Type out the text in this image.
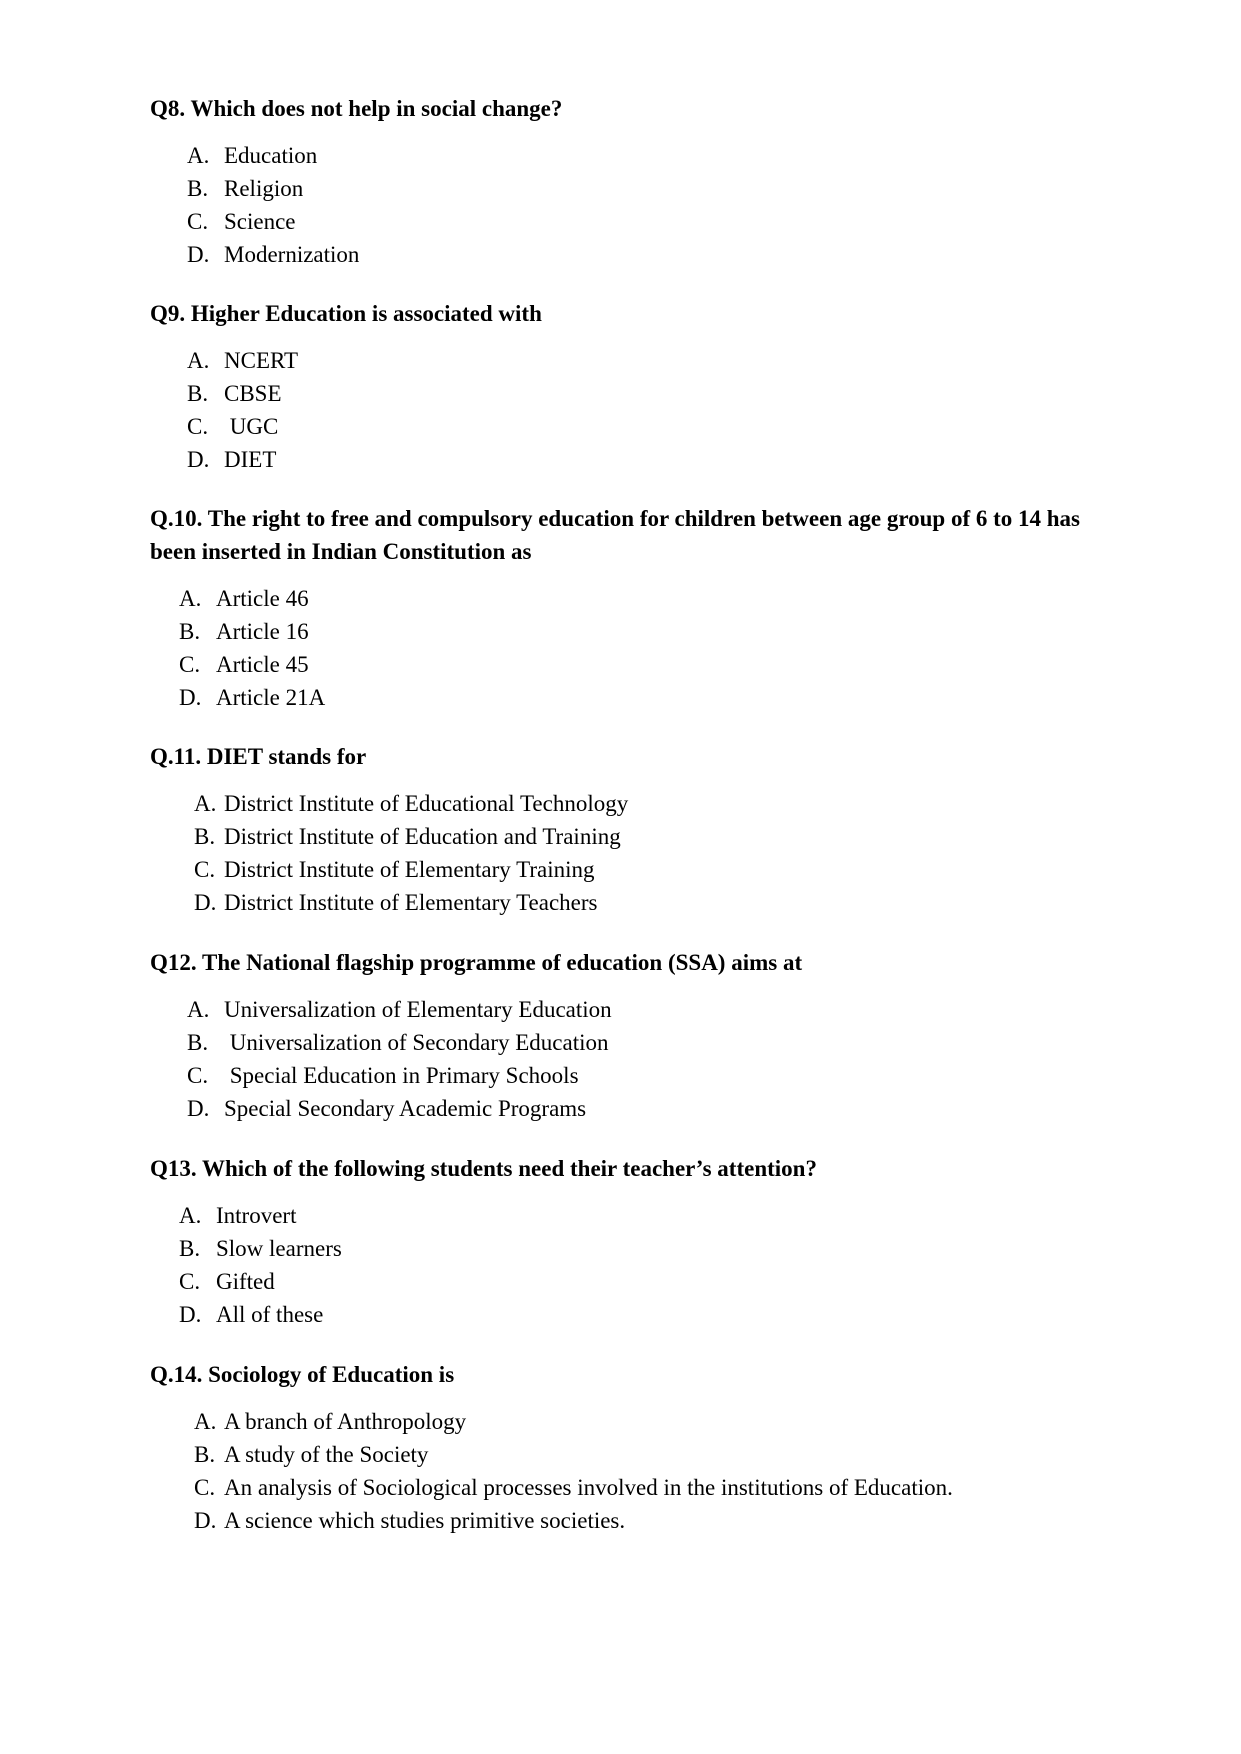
Q8. Which does not help in social change?

A. Education
B. Religion
C. Science
D. Modernization

Q9. Higher Education is associated with

A. NCERT
B. CBSE
C. UGC
D. DIET

Q.10. The right to free and compulsory education for children between age group of 6 to 14 has been inserted in Indian Constitution as

A. Article 46
B. Article 16
C. Article 45
D. Article 21A

Q.11. DIET stands for

A. District Institute of Educational Technology
B. District Institute of Education and Training
C. District Institute of Elementary Training
D. District Institute of Elementary Teachers

Q12. The National flagship programme of education (SSA) aims at

A. Universalization of Elementary Education
B. Universalization of Secondary Education
C. Special Education in Primary Schools
D. Special Secondary Academic Programs

Q13. Which of the following students need their teacher’s attention?

A. Introvert
B. Slow learners
C. Gifted
D. All of these

Q.14. Sociology of Education is

A. A branch of Anthropology
B. A study of the Society
C. An analysis of Sociological processes involved in the institutions of Education.
D. A science which studies primitive societies.
